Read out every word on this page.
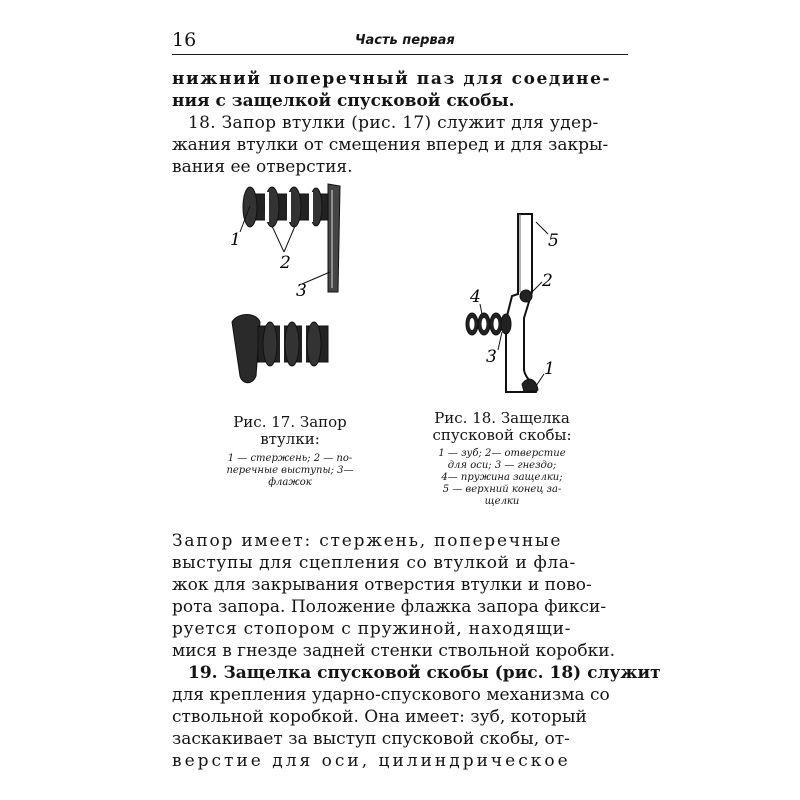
16	Часть первая
нижний поперечный паз для соедине-
ния с защелкой спусковой скобы.
18. Запор втулки (рис. 17) служит для удер-
жания втулки от смещения вперед и для закры-
вания ее отверстия.
1
2
3
5
2
4
3
1
Рис. 17. Запор
втулки:
1 — стержень; 2 — по-
перечные выступы; 3—
флажок
Рис. 18. Защелка
спусковой скобы:
1 — зуб; 2— отверстие
для оси; 3 — гнездо;
4— пружина защелки;
5 — верхний конец за-
щелки
Запор имеет: стержень, поперечные
выступы для сцепления со втулкой и фла-
жок для закрывания отверстия втулки и пово-
рота запора. Положение флажка запора фикси-
руется стопором с пружиной, находящи-
мися в гнезде задней стенки ствольной коробки.
19. Защелка спусковой скобы (рис. 18) служит
для крепления ударно-спускового механизма со
ствольной коробкой. Она имеет: зуб, который
заскакивает за выступ спусковой скобы, от-
верстие для оси, цилиндрическое
